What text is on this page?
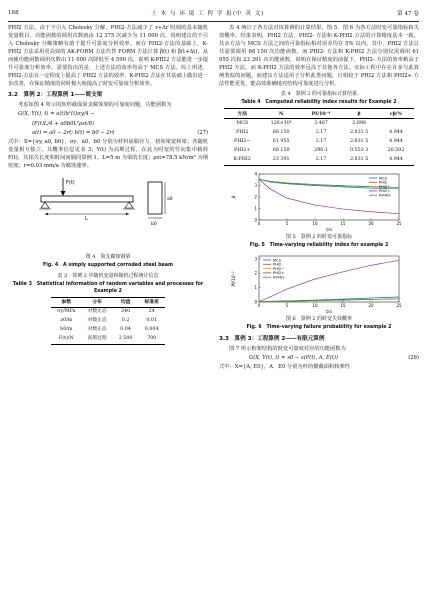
168	土 木 与 环 境 工 程 学 报(中 英 文)	第 47 卷

PHI2 方法，由于不引入 Cholesky 分解，PHI2-方法减少了 r+Δr 时刻的基本随机变量数目，功能函数的调用次数就由 12 375 次减少为 11 000 次，说明建议的不引入 Cholesky 分解策略有助于提升可靠度分析效率。而在 PHI2-方法的基础上，K-PHI2 方法采用更高效的 AK-FORM 方法代替 FORM 方法计算 β(t) 和 β(t+Δt)，从而使功能函数调用次数由 11 000 次降低至 4 590 次，说明 K-PHI2 方法能进一步提升可靠度分析效率。需要指出的是，上述方法的效率均高于 MCS 方法。综上所述，PHI2-方法在一定程度上提高了 PHI2 方法的效率，K-PHI2 方法在其基础上做出进一步改善，在保证精度的同时极大地提高了时变可靠度分析效率。

3.2　算例 2：工程算例 1——简支梁

考虑如图 4 所示的矩形截面简支腐蚀梁的可靠度问题，功能函数为

G(X, Y(t), t) = a(t)b²(t)σy/4 −
(F(t)L/4 + a0b0L²ρst/8)
a(t) = a0 − 2rt; b(t) = b0 − 2rt	(27)

式中：X={σy, a0, b0}，σy、a0、b0 分别为材料屈服应力、初始梁宽和梁；各随机变量相互独立，其概率信息见表 3；Y(t) 为高斯过程，在此为时变的竖向集中载荷 F(t)，其相关长度和时间间隔同算例 1。L=5 m 为梁的长度；ρst=78.5 kN/m³ 为钢密度；r=0.03 mm/a 为腐蚀速率。

F(t)
L
a0
b0
图 4　简支腐蚀钢梁
Fig. 4　A simply supported corroded steel beam
表 3　算例 2 中随机变量和随机过程统计信息
Table 3　Statistical information of random variables and processes for Example 2
参数	分布	均值	标准差
σy/MPa	对数正态	240	24
a0/m	对数正态	0.2	0.01
b0/m	对数正态	0.04	0.004
F(t)/N	高斯过程	3 500	700

表 4 统计了各方法对该算例的计算结果，图 5、图 6 为各方法时变可靠指标和失效概率。结果表明，PHI2 方法、PHI2- 方法和 K-PHI2 方法的计算精度基本一致，其余方法与 MCS 方法之间的可靠指标相对误差均在 5% 以内。其中，PHI2 方法总共需要调用 68 150 次功能函数，而 PHI2- 方法和 K-PHI2 方法分别仅需调用 61 955 次和 23 391 次功能函数，说明在保证精度的前提下，PHI2- 方法的效率稍高于 PHI2 方法，而 K-PHI2 方法的效率远高于其他各方法。实际工程中存在许多与此算例类似的问题，而建议方法适用于分析此类问题，且相较于 PHI2 方法和 PHI2+ 方法性能更优，能高效准确地对结构可靠度进行分析。

表 4　算例 2 的可靠指标计算结果
Table 4　Computed reliability index results for Example 2
方法	N	Pf/10⁻⁴	β	εβ/%
MCS	126×10⁶	3.487	2.698	
PHI2	68 150	2.17	2.831 5	4.944
PHI2−	61 955	2.17	2.831 5	4.944
PHI2+	68 150	290.1	0.553 3	20.502
K-PHI2	23 391	2.17	2.831 5	4.944
0	5	10	15	20	25
0
1
2
3
4
t/a
β
MCS
PHI2
PHI2−
PHI2+
K-PHI2
图 5　算例 2 的时变可靠指标
Fig. 5　Time-varying reliability index for example 2
0	5	10	15	20	25
0
1
2
3
t/a
Pf/10⁻²
MCS
PHI2
PHI2−
PHI2+
K-PHI2
图 6　算例 2 的时变失效概率
Fig. 6　Time-varying failure probability for example 2
3.3　算例 3：工程算例 2——有限元算例

图 7 所示桁架结构的时变可靠度对应的功能函数为

G(X, Y(t), t) = s0 − s(P(t), A, E(t))	(28)

式中：X={A, E0}，A、E0 分别为杆的横截面积和弹性
